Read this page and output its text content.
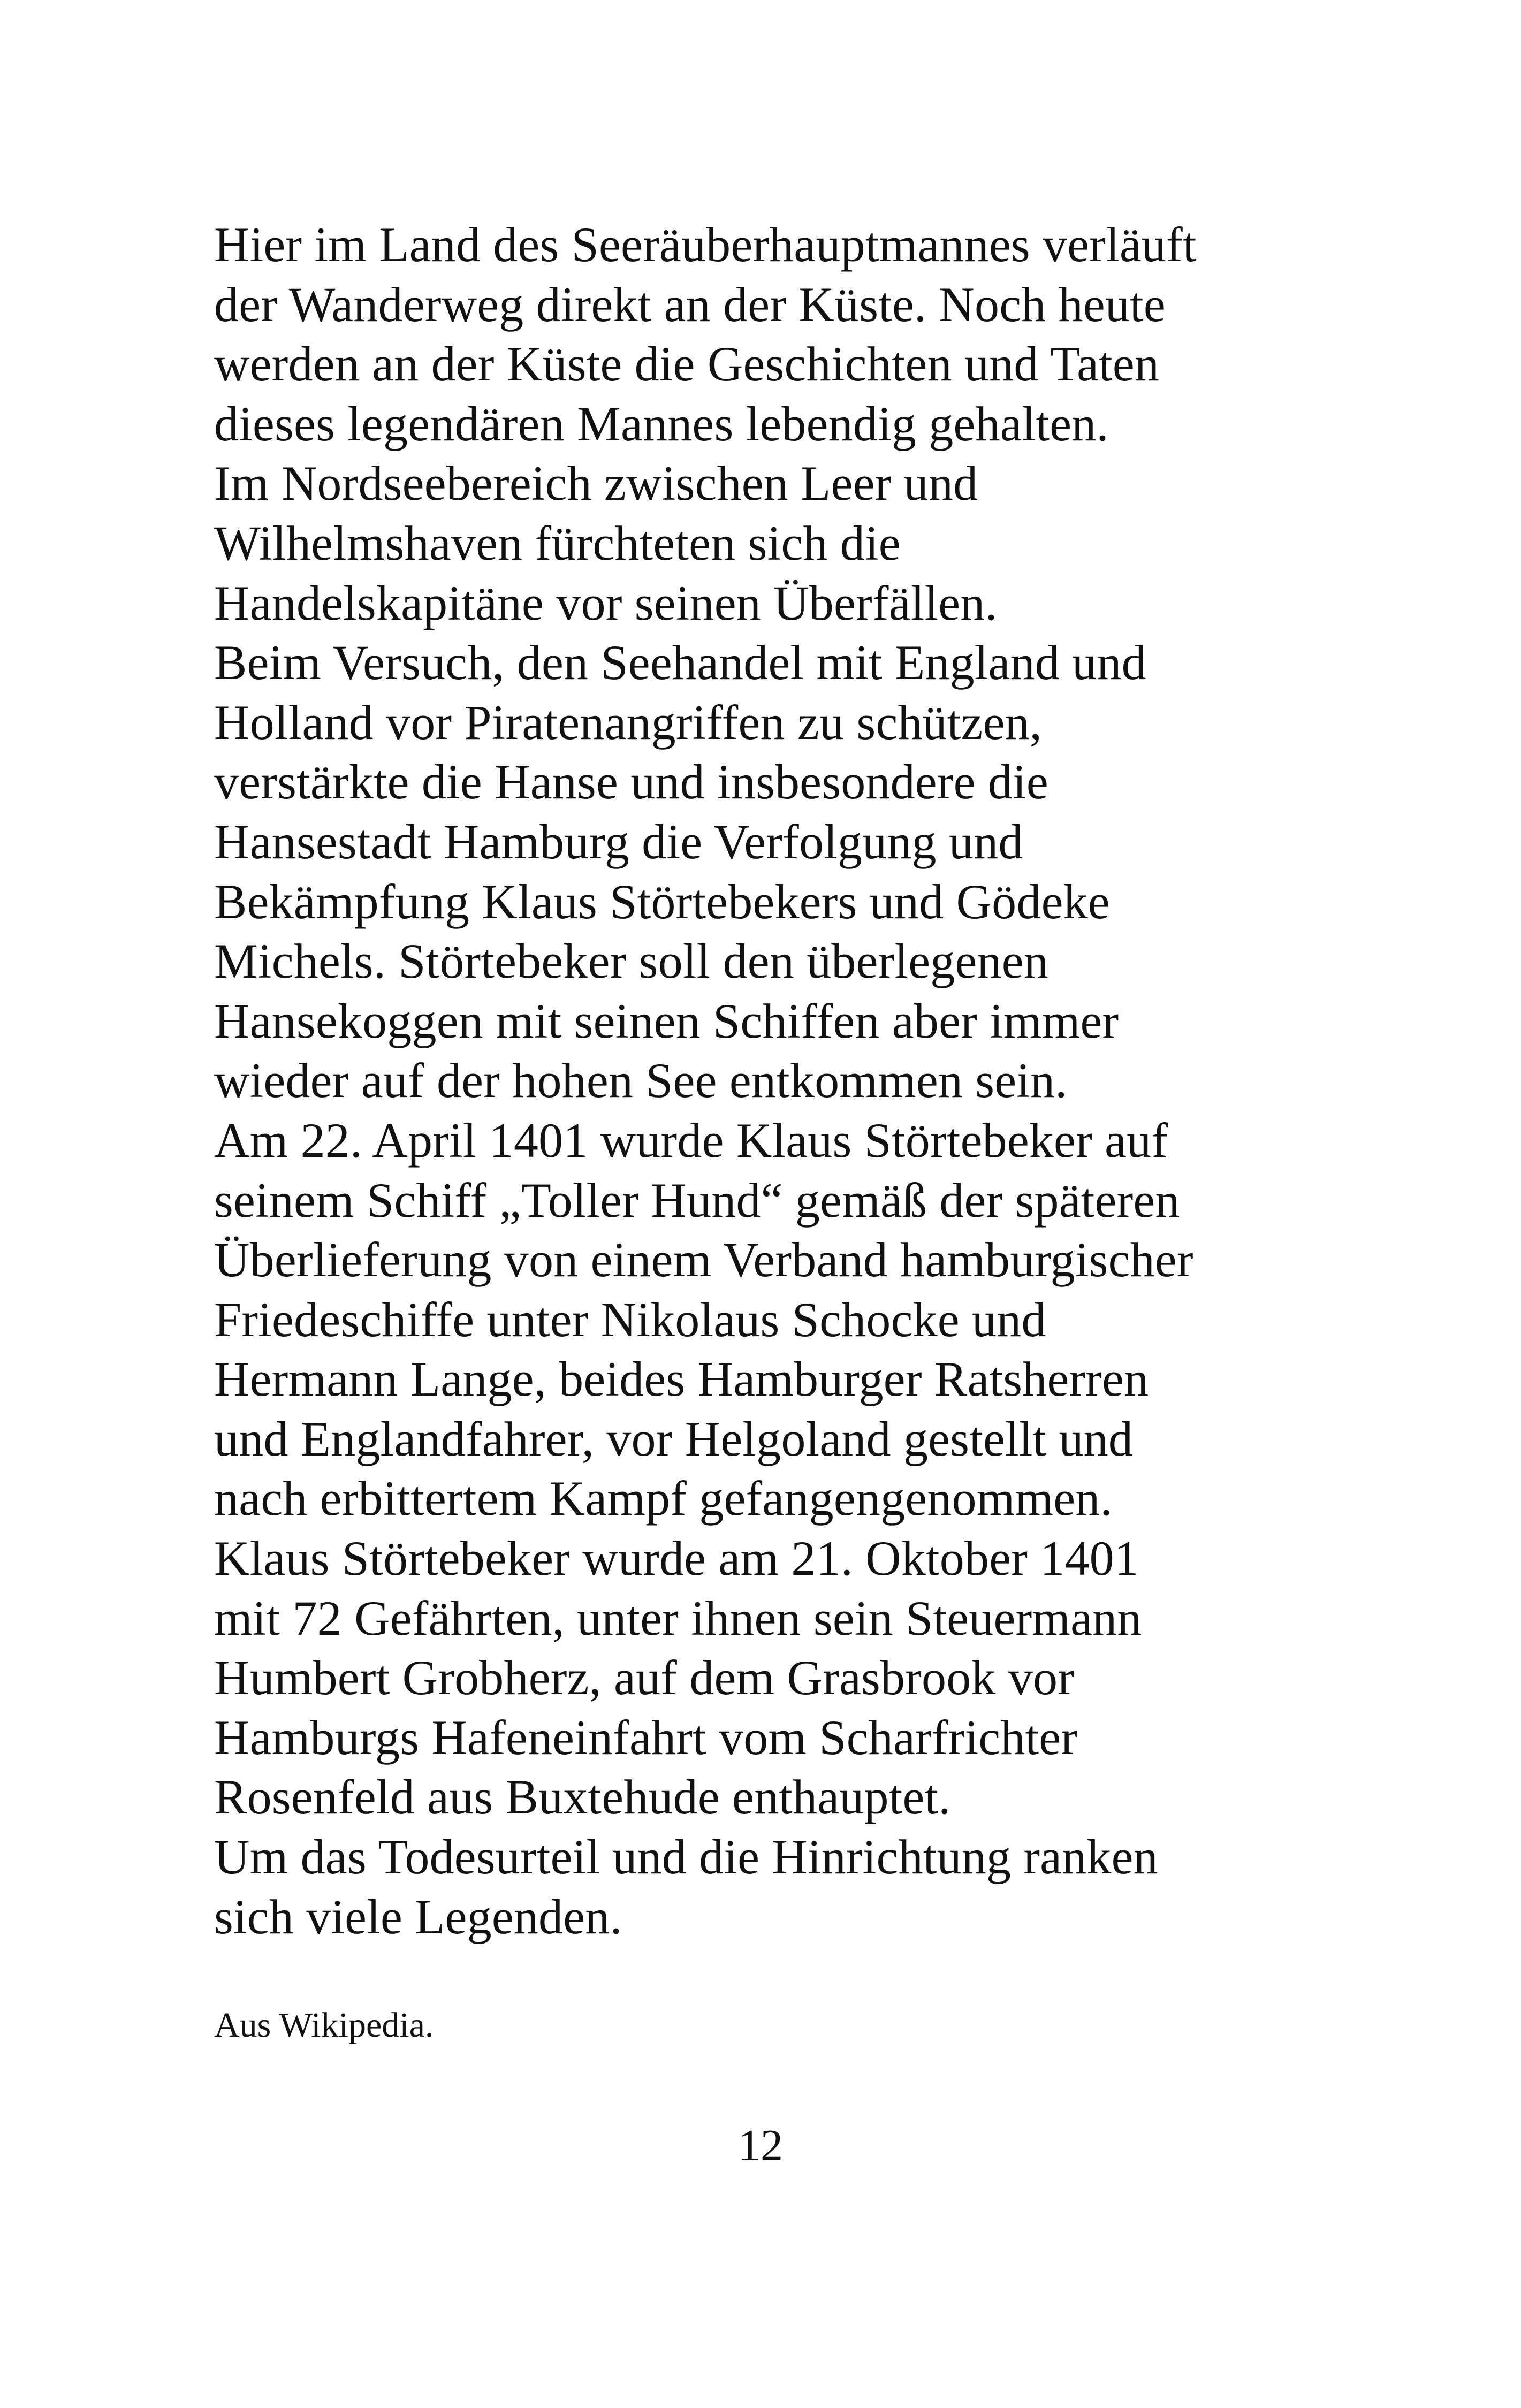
Hier im Land des Seeräuberhauptmannes verläuft
der Wanderweg direkt an der Küste. Noch heute
werden an der Küste die Geschichten und Taten
dieses legendären Mannes lebendig gehalten.
Im Nordseebereich zwischen Leer und
Wilhelmshaven fürchteten sich die
Handelskapitäne vor seinen Überfällen.
Beim Versuch, den Seehandel mit England und
Holland vor Piratenangriffen zu schützen,
verstärkte die Hanse und insbesondere die
Hansestadt Hamburg die Verfolgung und
Bekämpfung Klaus Störtebekers und Gödeke
Michels. Störtebeker soll den überlegenen
Hansekoggen mit seinen Schiffen aber immer
wieder auf der hohen See entkommen sein.
Am 22. April 1401 wurde Klaus Störtebeker auf
seinem Schiff „Toller Hund“ gemäß der späteren
Überlieferung von einem Verband hamburgischer
Friedeschiffe unter Nikolaus Schocke und
Hermann Lange, beides Hamburger Ratsherren
und Englandfahrer, vor Helgoland gestellt und
nach erbittertem Kampf gefangengenommen.
Klaus Störtebeker wurde am 21. Oktober 1401
mit 72 Gefährten, unter ihnen sein Steuermann
Humbert Grobherz, auf dem Grasbrook vor
Hamburgs Hafeneinfahrt vom Scharfrichter
Rosenfeld aus Buxtehude enthauptet.
Um das Todesurteil und die Hinrichtung ranken
sich viele Legenden.
Aus Wikipedia.
12
